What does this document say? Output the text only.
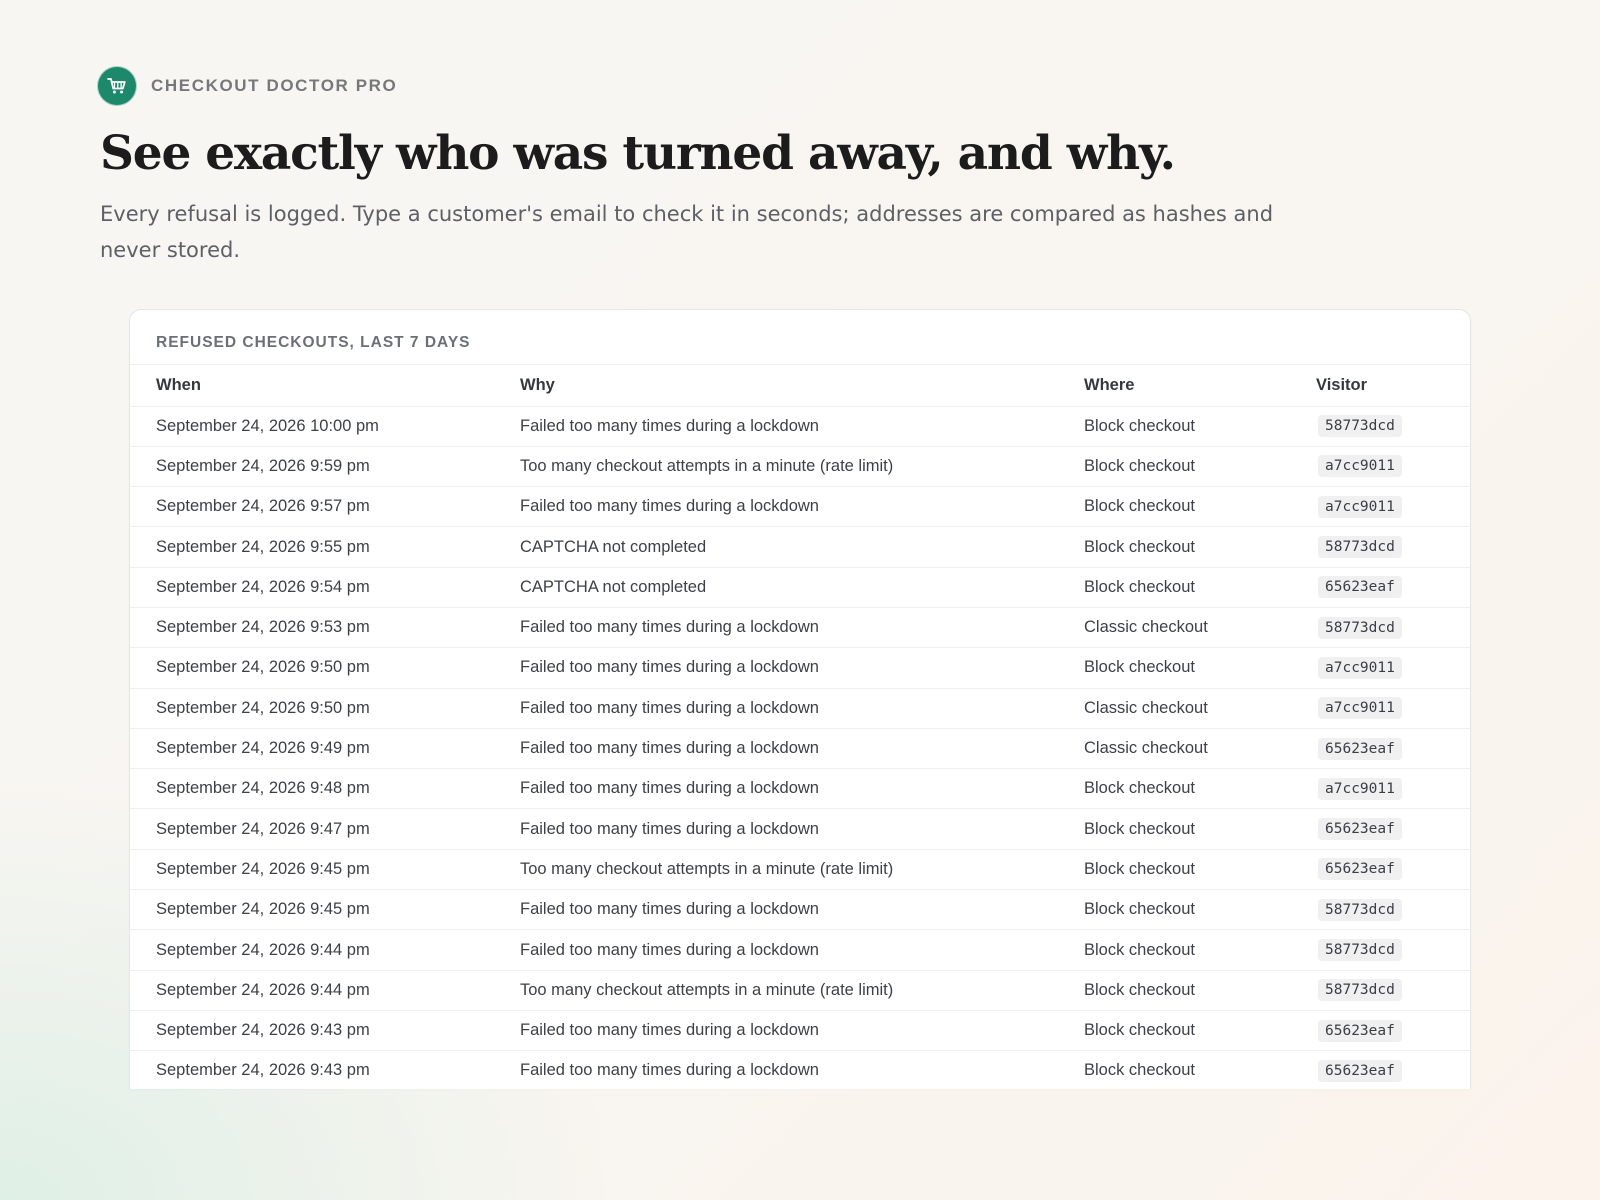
CHECKOUT DOCTOR PRO
See exactly who was turned away, and why.

Every refusal is logged. Type a customer's email to check it in seconds; addresses are compared as hashes and never stored.

REFUSED CHECKOUTS, LAST 7 DAYS
When	Why	Where	Visitor
September 24, 2026 10:00 pm	Failed too many times during a lockdown	Block checkout	58773dcd
September 24, 2026 9:59 pm	Too many checkout attempts in a minute (rate limit)	Block checkout	a7cc9011
September 24, 2026 9:57 pm	Failed too many times during a lockdown	Block checkout	a7cc9011
September 24, 2026 9:55 pm	CAPTCHA not completed	Block checkout	58773dcd
September 24, 2026 9:54 pm	CAPTCHA not completed	Block checkout	65623eaf
September 24, 2026 9:53 pm	Failed too many times during a lockdown	Classic checkout	58773dcd
September 24, 2026 9:50 pm	Failed too many times during a lockdown	Block checkout	a7cc9011
September 24, 2026 9:50 pm	Failed too many times during a lockdown	Classic checkout	a7cc9011
September 24, 2026 9:49 pm	Failed too many times during a lockdown	Classic checkout	65623eaf
September 24, 2026 9:48 pm	Failed too many times during a lockdown	Block checkout	a7cc9011
September 24, 2026 9:47 pm	Failed too many times during a lockdown	Block checkout	65623eaf
September 24, 2026 9:45 pm	Too many checkout attempts in a minute (rate limit)	Block checkout	65623eaf
September 24, 2026 9:45 pm	Failed too many times during a lockdown	Block checkout	58773dcd
September 24, 2026 9:44 pm	Failed too many times during a lockdown	Block checkout	58773dcd
September 24, 2026 9:44 pm	Too many checkout attempts in a minute (rate limit)	Block checkout	58773dcd
September 24, 2026 9:43 pm	Failed too many times during a lockdown	Block checkout	65623eaf
September 24, 2026 9:43 pm	Failed too many times during a lockdown	Block checkout	65623eaf
